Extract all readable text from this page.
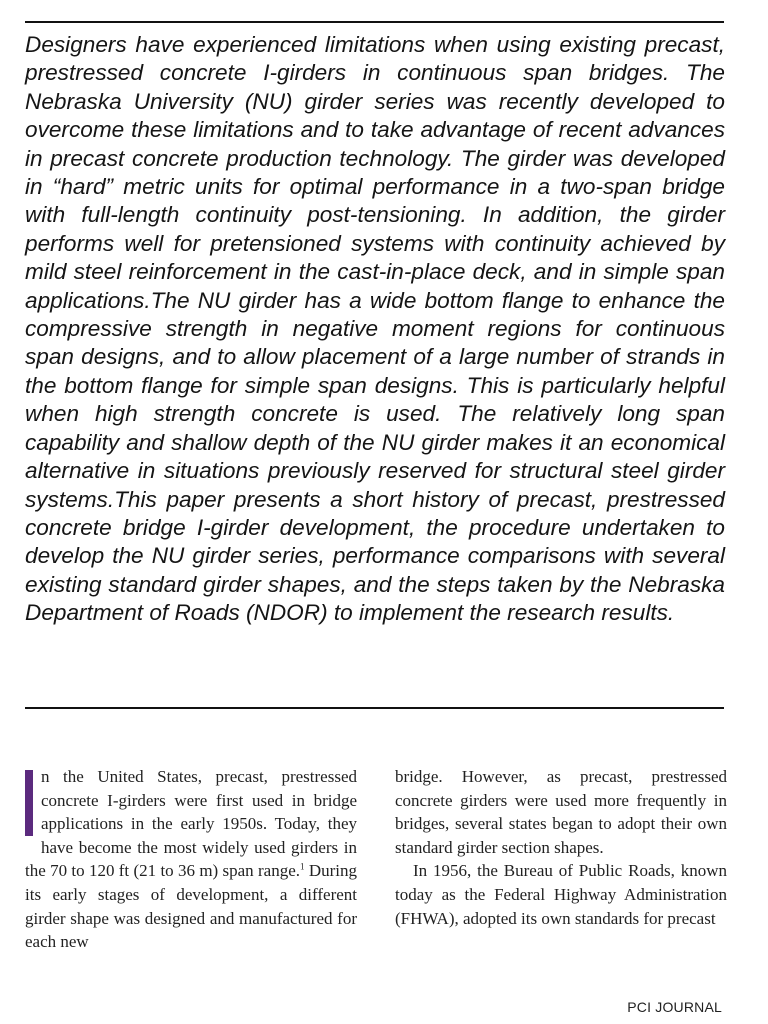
Designers have experienced limitations when using existing precast, prestressed concrete I-girders in continuous span bridges. The Nebraska University (NU) girder series was recently developed to overcome these limitations and to take advantage of recent advances in precast concrete production technology. The girder was developed in “hard” metric units for optimal performance in a two-span bridge with full-length continuity post-tensioning. In addition, the girder performs well for pretensioned systems with continuity achieved by mild steel reinforcement in the cast-in-place deck, and in simple span applications.The NU girder has a wide bottom flange to enhance the compressive strength in negative moment regions for continuous span designs, and to allow placement of a large number of strands in the bottom flange for simple span designs. This is particularly helpful when high strength concrete is used. The relatively long span capability and shallow depth of the NU girder makes it an economical alternative in situations previously reserved for structural steel girder systems.This paper presents a short history of precast, prestressed concrete bridge I-girder development, the procedure undertaken to develop the NU girder series, performance comparisons with several existing standard girder shapes, and the steps taken by the Nebraska Department of Roads (NDOR) to implement the research results.

n the United States, precast, prestressed concrete I-girders were first used in bridge applications in the early 1950s. Today, they have become the most widely used girders in the 70 to 120 ft (21 to 36 m) span range.$^1$ During its early stages of development, a different girder shape was designed and manufactured for each new

bridge. However, as precast, prestressed concrete girders were used more frequently in bridges, several states began to adopt their own standard girder section shapes.

In 1956, the Bureau of Public Roads, known today as the Federal Highway Administration (FHWA), adopted its own standards for precast

PCI JOURNAL
